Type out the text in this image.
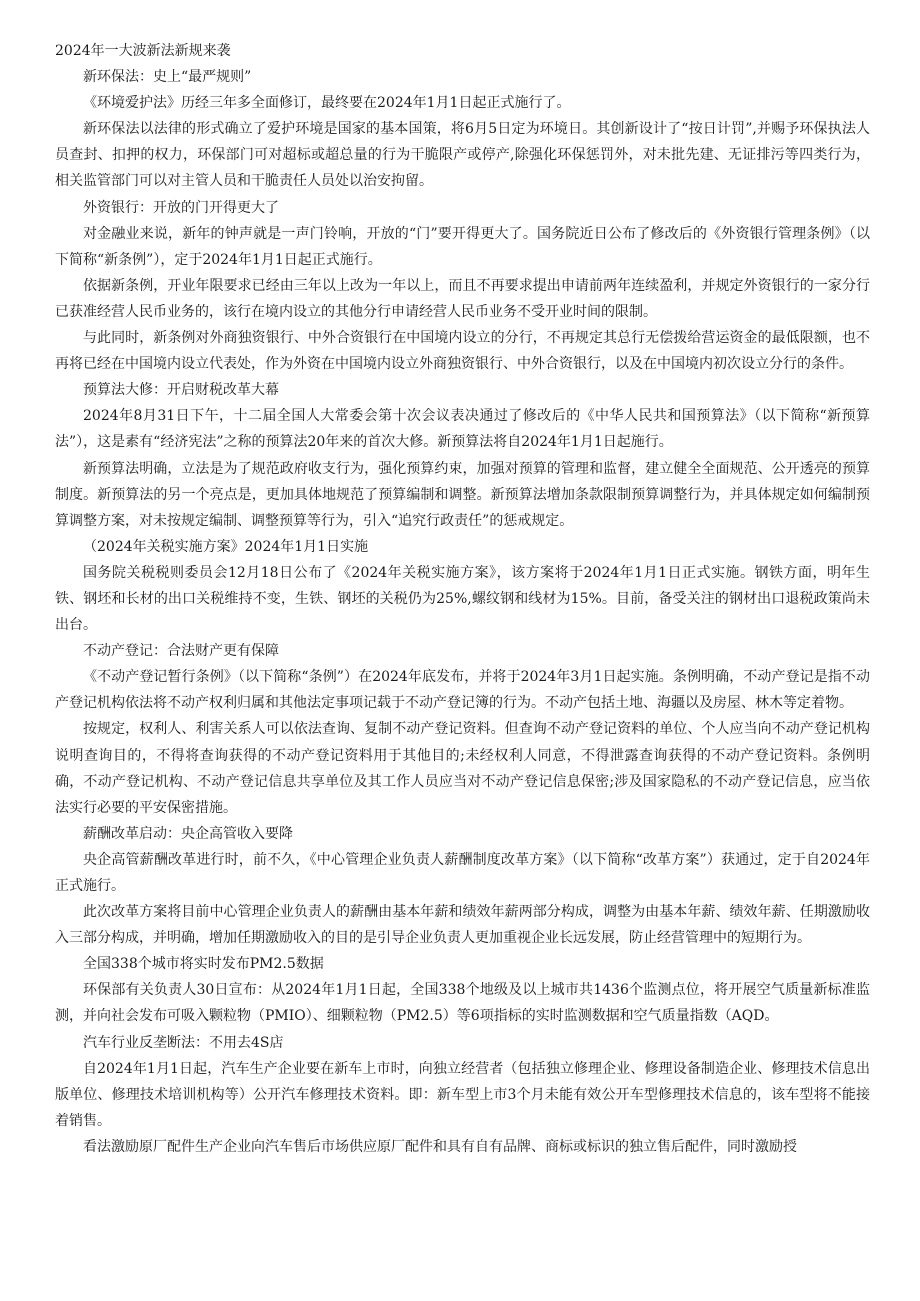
2024年一大波新法新规来袭

新环保法：史上“最严规则”

《环境爱护法》历经三年多全面修订，最终要在2024年1月1日起正式施行了。

新环保法以法律的形式确立了爱护环境是国家的基本国策，将6月5日定为环境日。其创新设计了“按日计罚”,并赐予环保执法人员查封、扣押的权力，环保部门可对超标或超总量的行为干脆限产或停产,除强化环保惩罚外，对未批先建、无证排污等四类行为，相关监管部门可以对主管人员和干脆责任人员处以治安拘留。

外资银行：开放的门开得更大了

对金融业来说，新年的钟声就是一声门铃响，开放的“门”要开得更大了。国务院近日公布了修改后的《外资银行管理条例》（以下简称“新条例”），定于2024年1月1日起正式施行。

依据新条例，开业年限要求已经由三年以上改为一年以上，而且不再要求提出申请前两年连续盈利，并规定外资银行的一家分行已获准经营人民币业务的，该行在境内设立的其他分行申请经营人民币业务不受开业时间的限制。

与此同时，新条例对外商独资银行、中外合资银行在中国境内设立的分行，不再规定其总行无偿拨给营运资金的最低限额，也不再将已经在中国境内设立代表处，作为外资在中国境内设立外商独资银行、中外合资银行，以及在中国境内初次设立分行的条件。

预算法大修：开启财税改革大幕

2024年8月31日下午，十二届全国人大常委会第十次会议表决通过了修改后的《中华人民共和国预算法》（以下简称“新预算法”），这是素有“经济宪法”之称的预算法20年来的首次大修。新预算法将自2024年1月1日起施行。

新预算法明确，立法是为了规范政府收支行为，强化预算约束，加强对预算的管理和监督，建立健全全面规范、公开透亮的预算制度。新预算法的另一个亮点是，更加具体地规范了预算编制和调整。新预算法增加条款限制预算调整行为，并具体规定如何编制预算调整方案，对未按规定编制、调整预算等行为，引入“追究行政责任”的惩戒规定。

（2024年关税实施方案》2024年1月1日实施

国务院关税税则委员会12月18日公布了《2024年关税实施方案》，该方案将于2024年1月1日正式实施。钢铁方面，明年生铁、钢坯和长材的出口关税维持不变，生铁、钢坯的关税仍为25%,螺纹钢和线材为15%。目前，备受关注的钢材出口退税政策尚未出台。

不动产登记：合法财产更有保障

《不动产登记暂行条例》（以下简称“条例”）在2024年底发布，并将于2024年3月1日起实施。条例明确，不动产登记是指不动产登记机构依法将不动产权利归属和其他法定事项记载于不动产登记簿的行为。不动产包括土地、海疆以及房屋、林木等定着物。

按规定，权利人、利害关系人可以依法查询、复制不动产登记资料。但查询不动产登记资料的单位、个人应当向不动产登记机构说明查询目的，不得将查询获得的不动产登记资料用于其他目的;未经权利人同意，不得泄露查询获得的不动产登记资料。条例明确，不动产登记机构、不动产登记信息共享单位及其工作人员应当对不动产登记信息保密;涉及国家隐私的不动产登记信息，应当依法实行必要的平安保密措施。

薪酬改革启动：央企高管收入要降

央企高管薪酬改革进行时，前不久，《中心管理企业负责人薪酬制度改革方案》（以下简称“改革方案”）获通过，定于自2024年正式施行。

此次改革方案将目前中心管理企业负责人的薪酬由基本年薪和绩效年薪两部分构成，调整为由基本年薪、绩效年薪、任期激励收入三部分构成，并明确，增加任期激励收入的目的是引导企业负责人更加重视企业长远发展，防止经营管理中的短期行为。

全国338个城市将实时发布PM2.5数据

环保部有关负责人30日宣布：从2024年1月1日起，全国338个地级及以上城市共1436个监测点位，将开展空气质量新标准监测，并向社会发布可吸入颗粒物（PMIO）、细颗粒物（PM2.5）等6项指标的实时监测数据和空气质量指数（AQD。

汽车行业反垄断法：不用去4S店

自2024年1月1日起，汽车生产企业要在新车上市时，向独立经营者（包括独立修理企业、修理设备制造企业、修理技术信息出版单位、修理技术培训机构等）公开汽车修理技术资料。即：新车型上市3个月未能有效公开车型修理技术信息的，该车型将不能接着销售。

看法激励原厂配件生产企业向汽车售后市场供应原厂配件和具有自有品牌、商标或标识的独立售后配件，同时激励授
